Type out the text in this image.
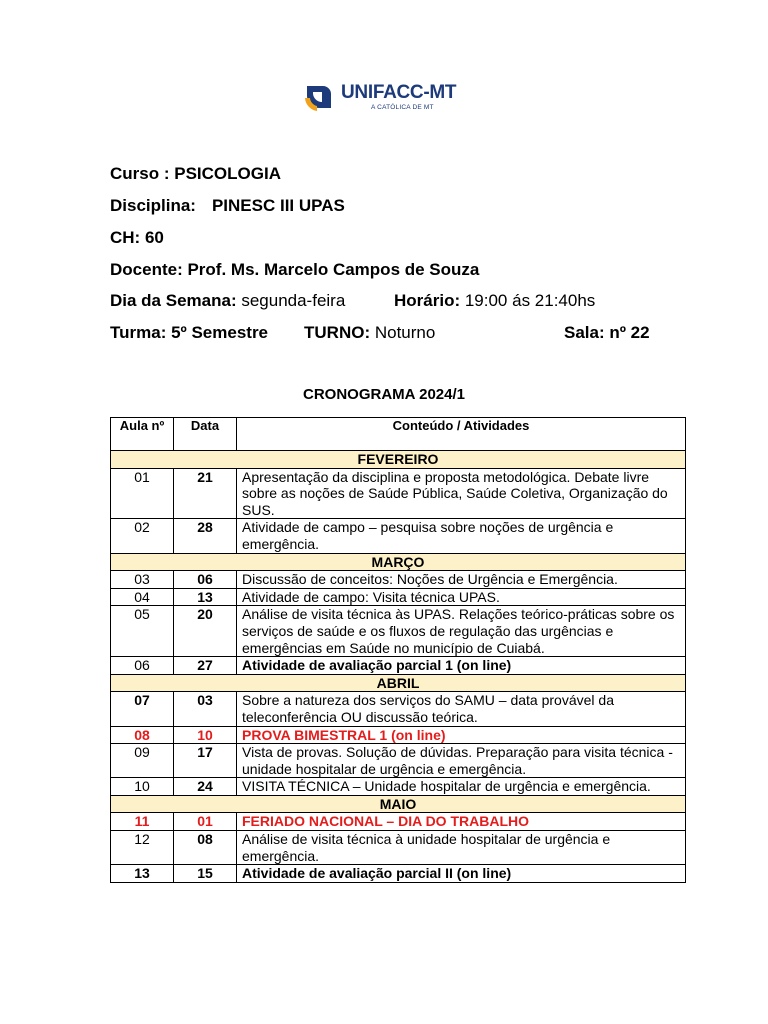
UNIFACC-MT
A CATÓLICA DE MT
Curso : PSICOLOGIA
Disciplina: PINESC III UPAS
CH: 60
Docente: Prof. Ms. Marcelo Campos de Souza
Dia da Semana: segunda-feira	Horário: 19:00 ás 21:40hs
Turma: 5º Semestre TURNO: Noturno	Sala: nº 22
CRONOGRAMA 2024/1
Aula nº	Data	Conteúdo / Atividades
FEVEREIRO		
01	21	Apresentação da disciplina e proposta metodológica. Debate livre sobre as noções de Saúde Pública, Saúde Coletiva, Organização do SUS.
02	28	Atividade de campo – pesquisa sobre noções de urgência e emergência.
MARÇO		
03	06	Discussão de conceitos: Noções de Urgência e Emergência.
04	13	Atividade de campo: Visita técnica UPAS.
05	20	Análise de visita técnica às UPAS. Relações teórico-práticas sobre os serviços de saúde e os fluxos de regulação das urgências e emergências em Saúde no município de Cuiabá.
06	27	Atividade de avaliação parcial 1 (on line)
ABRIL		
07	03	Sobre a natureza dos serviços do SAMU – data provável da teleconferência OU discussão teórica.
08	10	PROVA BIMESTRAL 1 (on line)
09	17	Vista de provas. Solução de dúvidas. Preparação para visita técnica - unidade hospitalar de urgência e emergência.
10	24	VISITA TÉCNICA – Unidade hospitalar de urgência e emergência.
MAIO		
11	01	FERIADO NACIONAL – DIA DO TRABALHO
12	08	Análise de visita técnica à unidade hospitalar de urgência e emergência.
13	15	Atividade de avaliação parcial II (on line)
